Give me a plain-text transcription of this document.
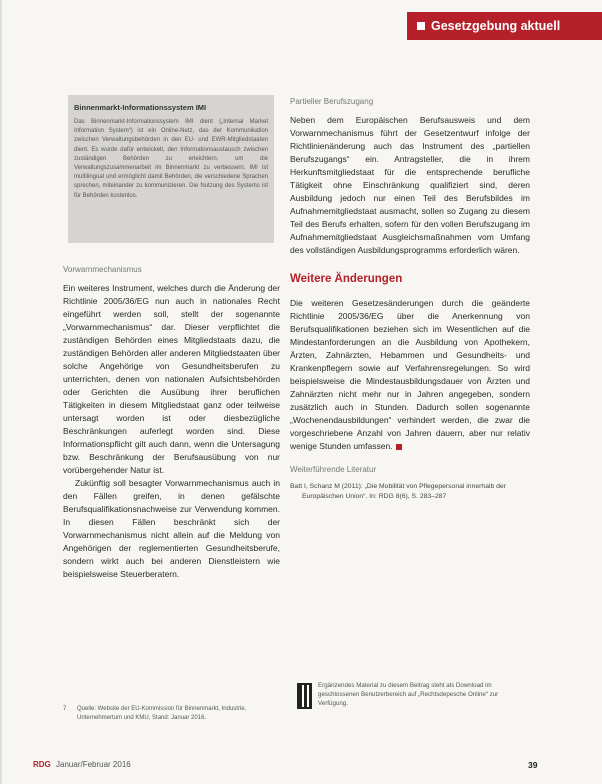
Gesetzgebung aktuell
Binnenmarkt-Informationssystem IMI

Das Binnenmarkt-Informationssystem IMI dient („Internal Market Information System“) ist ein Online-Netz, das der Kommunikation zwischen Verwaltungsbehörden in den EU- und EWR-Mitgliedstaaten dient. Es wurde dafür entwickelt, den Informationsaustausch zwischen zuständigen Behörden zu erleichtern, um die Verwaltungszusammenarbeit im Binnenmarkt zu verbessern. IMI ist multilingual und ermöglicht damit Behörden, die verschiedene Sprachen sprechen, miteinander zu kommunizieren. Die Nutzung des Systems ist für Behörden kostenlos.

Vorwarnmechanismus

Ein weiteres Instrument, welches durch die Änderung der Richtlinie 2005/36/EG nun auch in nationales Recht eingeführt werden soll, stellt der sogenannte „Vorwarnmechanismus“ dar. Dieser verpflichtet die zuständigen Behörden eines Mitgliedstaats dazu, die zuständigen Behörden aller anderen Mitgliedstaaten über solche Angehörige von Gesundheitsberufen zu unterrichten, denen von nationalen Aufsichtsbehörden oder Gerichten die Ausübung ihrer beruflichen Tätigkeiten in diesem Mitgliedstaat ganz oder teilweise untersagt worden ist oder diesbezügliche Beschränkungen auferlegt worden sind. Diese Informationspflicht gilt auch dann, wenn die Untersagung bzw. Beschränkung der Berufsausübung von nur vorübergehender Natur ist.

Zukünftig soll besagter Vorwarnmechanismus auch in den Fällen greifen, in denen gefälschte Berufsqualifikationsnachweise zur Verwendung kommen. In diesen Fällen beschränkt sich der Vorwarnmechanismus nicht allein auf die Meldung von Angehörigen der reglementierten Gesundheitsberufe, sondern wirkt auch bei anderen Dienstleistern wie beispielsweise Steuerberatern.

Partieller Berufszugang

Neben dem Europäischen Berufsausweis und dem Vorwarnmechanismus führt der Gesetzentwurf infolge der Richtlinienänderung auch das Instrument des „partiellen Berufszugangs“ ein. Antragsteller, die in ihrem Herkunftsmitgliedstaat für die entsprechende berufliche Tätigkeit ohne Einschränkung qualifiziert sind, deren Ausbildung jedoch nur einen Teil des Berufsbildes im Aufnahmemitgliedstaat ausmacht, sollen so Zugang zu diesem Teil des Berufs erhalten, sofern für den vollen Berufszugang im Aufnahmemitgliedstaat Ausgleichsmaßnahmen vom Umfang des vollständigen Ausbildungsprogramms erforderlich wären.

Weitere Änderungen

Die weiteren Gesetzesänderungen durch die geänderte Richtlinie 2005/36/EG über die Anerkennung von Berufsqualifikationen beziehen sich im Wesentlichen auf die Mindestanforderungen an die Ausbildung von Apothekern, Ärzten, Zahnärzten, Hebammen und Gesundheits- und Krankenpflegern sowie auf Verfahrensregelungen. So wird beispielsweise die Mindestausbildungsdauer von Ärzten und Zahnärzten nicht mehr nur in Jahren angegeben, sondern zusätzlich auch in Stunden. Dadurch sollen sogenannte „Wochenendausbildungen“ verhindert werden, die zwar die vorgeschriebene Anzahl von Jahren dauern, aber nur relativ wenige Stunden umfassen.

Weiterführende Literatur

Batt I, Schanz M (2011): „Die Mobilität von Pflegepersonal innerhalb der Europäischen Union“. In: RDG 8(6), S. 283–287

Ergänzendes Material zu diesem Beitrag steht als Download im geschlossenen Benutzerbereich auf „Rechtsdepesche Online“ zur Verfügung.
7	Quelle: Website der EU-Kommission für Binnenmarkt, Industrie, Unternehmertum und KMU, Stand: Januar 2016.
RDG Januar/Februar 2016	39
